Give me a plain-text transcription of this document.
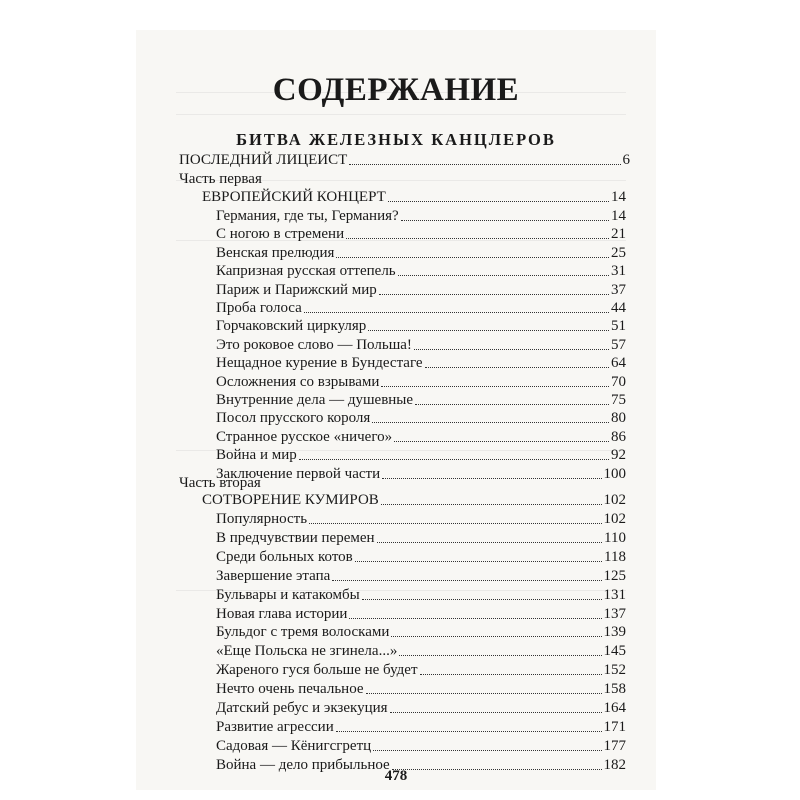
СОДЕРЖАНИЕ
БИТВА ЖЕЛЕЗНЫХ КАНЦЛЕРОВ
ПОСЛЕДНИЙ ЛИЦЕИСТ	6
Часть первая
ЕВРОПЕЙСКИЙ КОНЦЕРТ	14
Германия, где ты, Германия?	14
С ногою в стремени	21
Венская прелюдия	25
Капризная русская оттепель	31
Париж и Парижский мир	37
Проба голоса	44
Горчаковский циркуляр	51
Это роковое слово — Польша!	57
Нещадное курение в Бундестаге	64
Осложнения со взрывами	70
Внутренние дела — душевные	75
Посол прусского короля	80
Странное русское «ничего»	86
Война и мир	92
Заключение первой части	100
Часть вторая
СОТВОРЕНИЕ КУМИРОВ	102
Популярность	102
В предчувствии перемен	110
Среди больных котов	118
Завершение этапа	125
Бульвары и катакомбы	131
Новая глава истории	137
Бульдог с тремя волосками	139
«Еще Польска не згинела...»	145
Жареного гуся больше не будет	152
Нечто очень печальное	158
Датский ребус и экзекуция	164
Развитие агрессии	171
Садовая — Кёнигсгретц	177
Война — дело прибыльное	182
478
